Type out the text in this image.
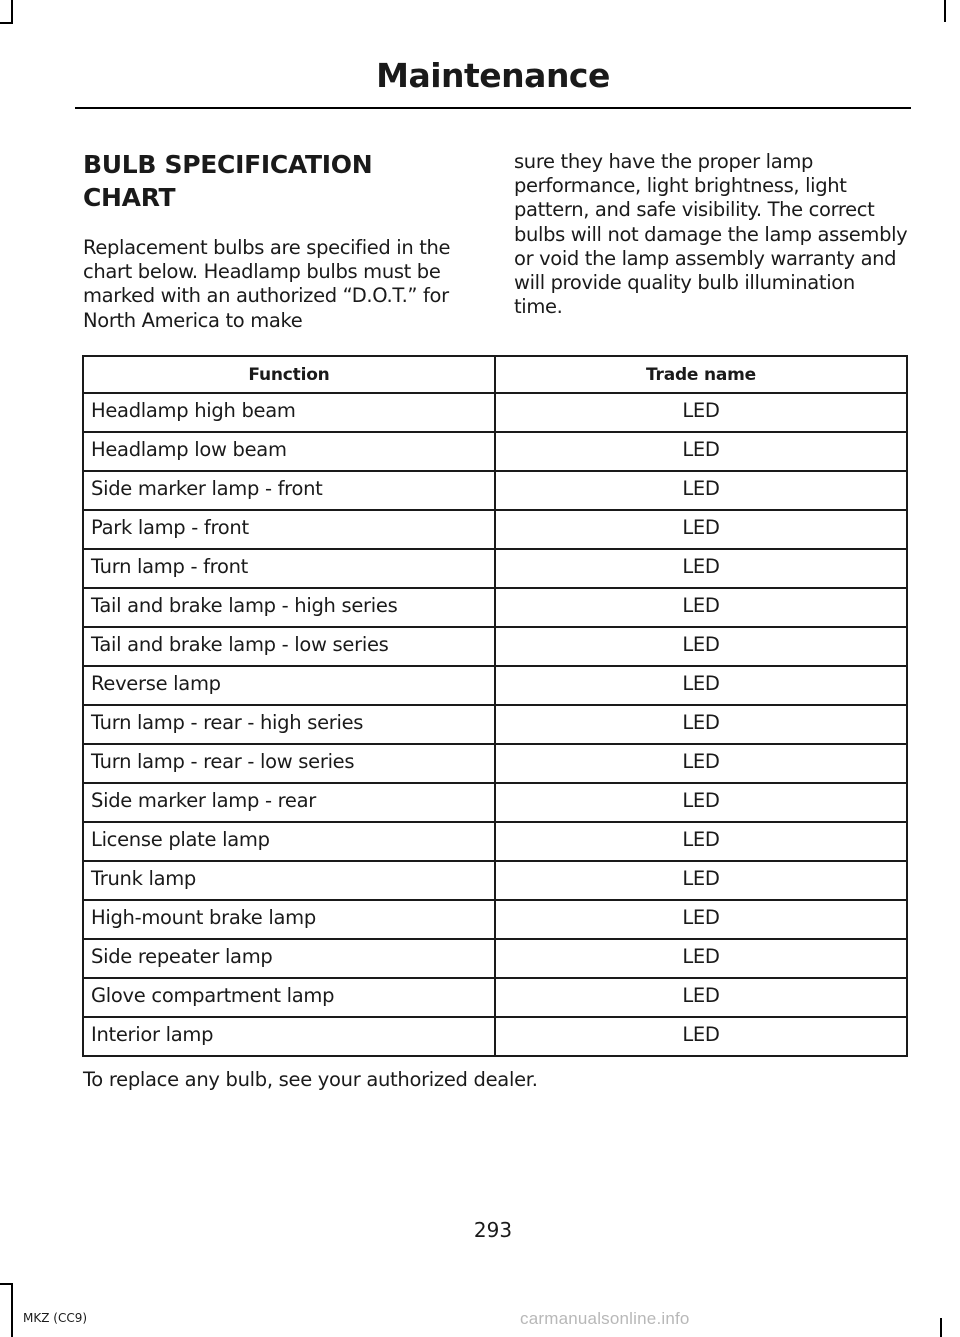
Maintenance
BULB SPECIFICATION
CHART

Replacement bulbs are specified in the chart below. Headlamp bulbs must be marked with an authorized “D.O.T.” for North America to make

sure they have the proper lamp performance, light brightness, light pattern, and safe visibility. The correct bulbs will not damage the lamp assembly or void the lamp assembly warranty and will provide quality bulb illumination time.

Function	Trade name
Headlamp high beam	LED
Headlamp low beam	LED
Side marker lamp - front	LED
Park lamp - front	LED
Turn lamp - front	LED
Tail and brake lamp - high series	LED
Tail and brake lamp - low series	LED
Reverse lamp	LED
Turn lamp - rear - high series	LED
Turn lamp - rear - low series	LED
Side marker lamp - rear	LED
License plate lamp	LED
Trunk lamp	LED
High-mount brake lamp	LED
Side repeater lamp	LED
Glove compartment lamp	LED
Interior lamp	LED

To replace any bulb, see your authorized dealer.

293
MKZ (CC9)	carmanualsonline.info
